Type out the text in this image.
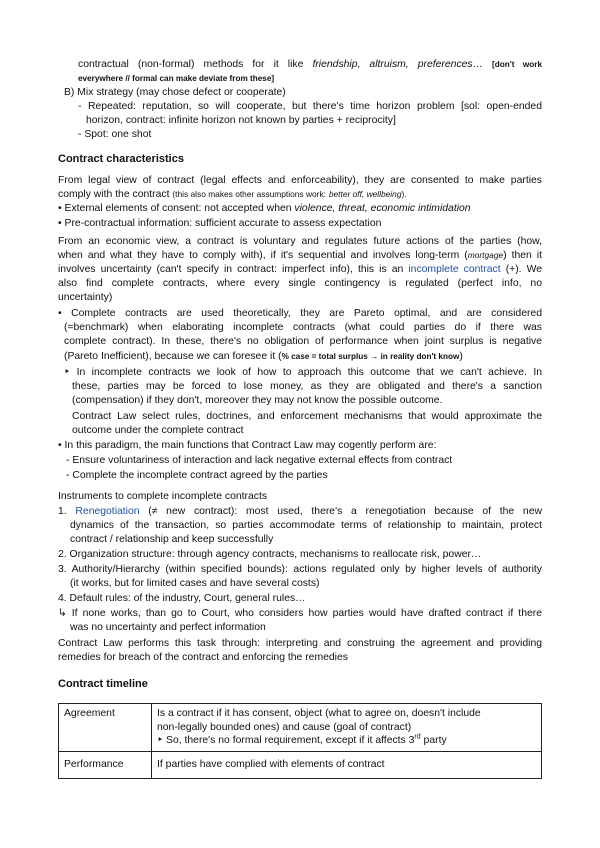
contractual (non-formal) methods for it like friendship, altruism, preferences… [don't work
everywhere // formal can make deviate from these]
B) Mix strategy (may chose defect or cooperate)
- Repeated: reputation, so will cooperate, but there's time horizon problem [sol: open-ended
horizon, contract: infinite horizon not known by parties + reciprocity]
- Spot: one shot
Contract characteristics
From legal view of contract (legal effects and enforceability), they are consented to make parties
comply with the contract (this also makes other assumptions work: better off, wellbeing).
• External elements of consent: not accepted when violence, threat, economic intimidation
• Pre-contractual information: sufficient accurate to assess expectation
From an economic view, a contract is voluntary and regulates future actions of the parties (how,
when and what they have to comply with), if it's sequential and involves long-term (mortgage) then it
involves uncertainty (can't specify in contract: imperfect info), this is an incomplete contract (+). We
also find complete contracts, where every single contingency is regulated (perfect info, no
uncertainty)
• Complete contracts are used theoretically, they are Pareto optimal, and are considered
(=benchmark) when elaborating incomplete contracts (what could parties do if there was
complete contract). In these, there's no obligation of performance when joint surplus is negative
(Pareto Inefficient), because we can foresee it (% case = total surplus → in reality don't know)
‣ In incomplete contracts we look of how to approach this outcome that we can't achieve. In
these, parties may be forced to lose money, as they are obligated and there's a sanction
(compensation) if they don't, moreover they may not know the possible outcome.
Contract Law select rules, doctrines, and enforcement mechanisms that would approximate the
outcome under the complete contract
• In this paradigm, the main functions that Contract Law may cogently perform are:
- Ensure voluntariness of interaction and lack negative external effects from contract
- Complete the incomplete contract agreed by the parties
Instruments to complete incomplete contracts
1. Renegotiation (≠ new contract): most used, there's a renegotiation because of the new
dynamics of the transaction, so parties accommodate terms of relationship to maintain, protect
contract / relationship and keep successfully
2. Organization structure: through agency contracts, mechanisms to reallocate risk, power…
3. Authority/Hierarchy (within specified bounds): actions regulated only by higher levels of authority
(it works, but for limited cases and have several costs)
4. Default rules: of the industry, Court, general rules…
↳ If none works, than go to Court, who considers how parties would have drafted contract if there
was no uncertainty and perfect information
Contract Law performs this task through: interpreting and construing the agreement and providing
remedies for breach of the contract and enforcing the remedies
Contract timeline
Agreement	Is a contract if it has consent, object (what to agree on, doesn't include
non-legally bounded ones) and cause (goal of contract)
‣ So, there's no formal requirement, except if it affects 3rd party

Performance	If parties have complied with elements of contract
